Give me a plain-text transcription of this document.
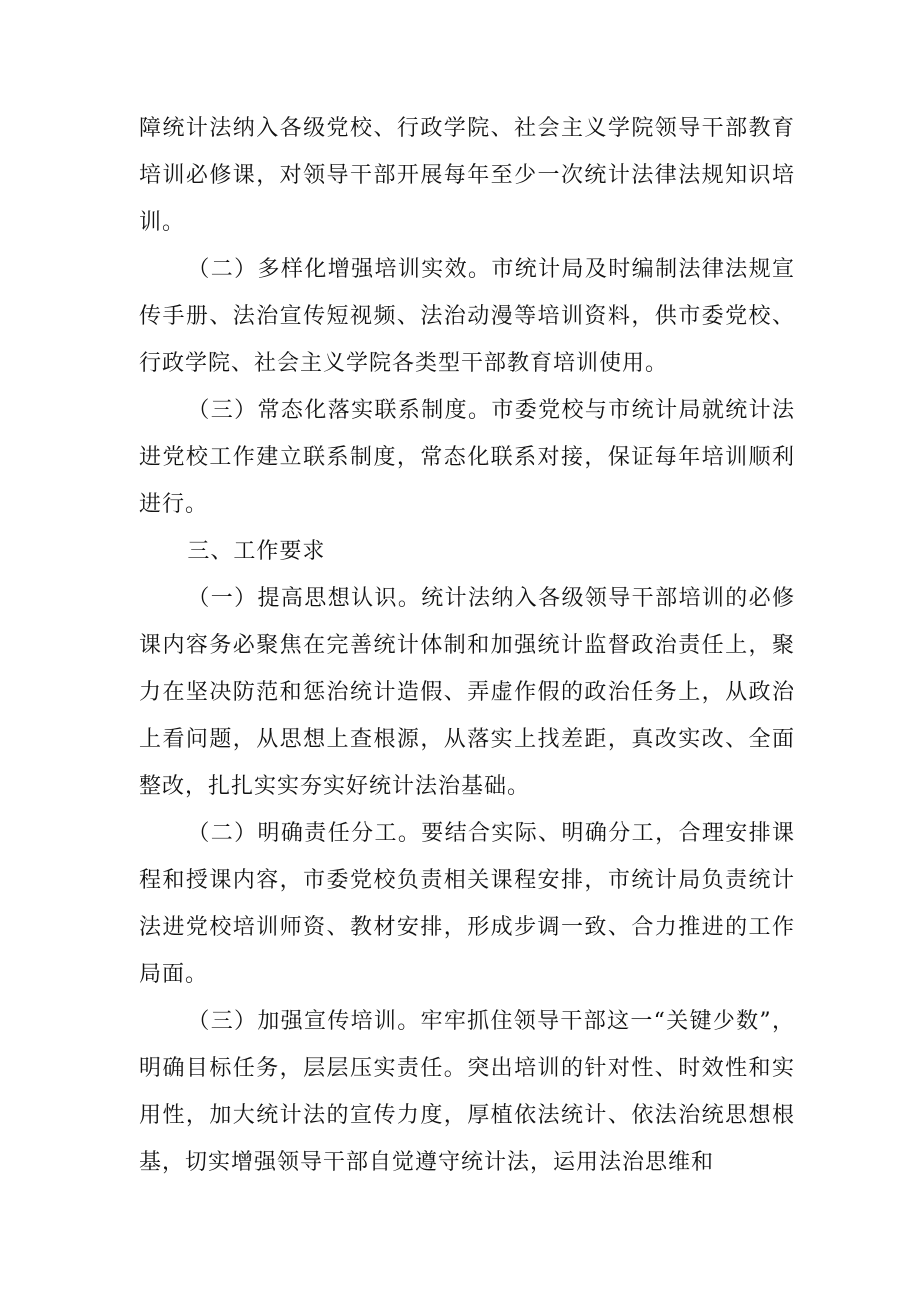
障统计法纳入各级党校、行政学院、社会主义学院领导干部教育培训必修课，对领导干部开展每年至少一次统计法律法规知识培训。

（二）多样化增强培训实效。市统计局及时编制法律法规宣传手册、法治宣传短视频、法治动漫等培训资料，供市委党校、行政学院、社会主义学院各类型干部教育培训使用。

（三）常态化落实联系制度。市委党校与市统计局就统计法进党校工作建立联系制度，常态化联系对接，保证每年培训顺利进行。

三、工作要求

（一）提高思想认识。统计法纳入各级领导干部培训的必修课内容务必聚焦在完善统计体制和加强统计监督政治责任上，聚力在坚决防范和惩治统计造假、弄虚作假的政治任务上，从政治上看问题，从思想上查根源，从落实上找差距，真改实改、全面整改，扎扎实实夯实好统计法治基础。

（二）明确责任分工。要结合实际、明确分工，合理安排课程和授课内容，市委党校负责相关课程安排，市统计局负责统计法进党校培训师资、教材安排，形成步调一致、合力推进的工作局面。

（三）加强宣传培训。牢牢抓住领导干部这一“关键少数”，明确目标任务，层层压实责任。突出培训的针对性、时效性和实用性，加大统计法的宣传力度，厚植依法统计、依法治统思想根基，切实增强领导干部自觉遵守统计法，运用法治思维和
